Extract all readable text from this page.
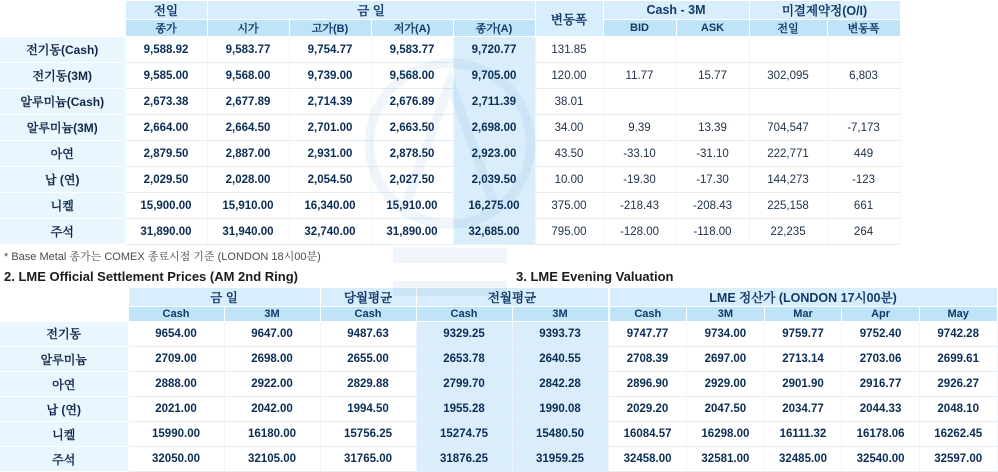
	전일	금 일				변동폭	Cash - 3M		미결제약정(O/I)	
	종가	시가	고가(B)	저가(A)	종가(A)		BID	ASK	전일	변동폭
전기동(Cash)	9,588.92	9,583.77	9,754.77	9,583.77	9,720.77	131.85				
전기동(3M)	9,585.00	9,568.00	9,739.00	9,568.00	9,705.00	120.00	11.77	15.77	302,095	6,803
알루미늄(Cash)	2,673.38	2,677.89	2,714.39	2,676.89	2,711.39	38.01				
알루미늄(3M)	2,664.00	2,664.50	2,701.00	2,663.50	2,698.00	34.00	9.39	13.39	704,547	-7,173
아연	2,879.50	2,887.00	2,931.00	2,878.50	2,923.00	43.50	-33.10	-31.10	222,771	449
납 (연)	2,029.50	2,028.00	2,054.50	2,027.50	2,039.50	10.00	-19.30	-17.30	144,273	-123
니켈	15,900.00	15,910.00	16,340.00	15,910.00	16,275.00	375.00	-218.43	-208.43	225,158	661
주석	31,890.00	31,940.00	32,740.00	31,890.00	32,685.00	795.00	-128.00	-118.00	22,235	264
* Base Metal 종가는 COMEX 종료시점 기준 (LONDON 18시00분)
2. LME Official Settlement Prices (AM 2nd Ring)	3. LME Evening Valuation
	금 일		당월평균	전월평균	
	Cash	3M	Cash	Cash	3M
전기동	9654.00	9647.00	9487.63	9329.25	9393.73
알루미늄	2709.00	2698.00	2655.00	2653.78	2640.55
아연	2888.00	2922.00	2829.88	2799.70	2842.28
납 (연)	2021.00	2042.00	1994.50	1955.28	1990.08
니켈	15990.00	16180.00	15756.25	15274.75	15480.50
주석	32050.00	32105.00	31765.00	31876.25	31959.25
LME 정산가 (LONDON 17시00분)				
Cash	3M	Mar	Apr	May
9747.77	9734.00	9759.77	9752.40	9742.28
2708.39	2697.00	2713.14	2703.06	2699.61
2896.90	2929.00	2901.90	2916.77	2926.27
2029.20	2047.50	2034.77	2044.33	2048.10
16084.57	16298.00	16111.32	16178.06	16262.45
32458.00	32581.00	32485.00	32540.00	32597.00
